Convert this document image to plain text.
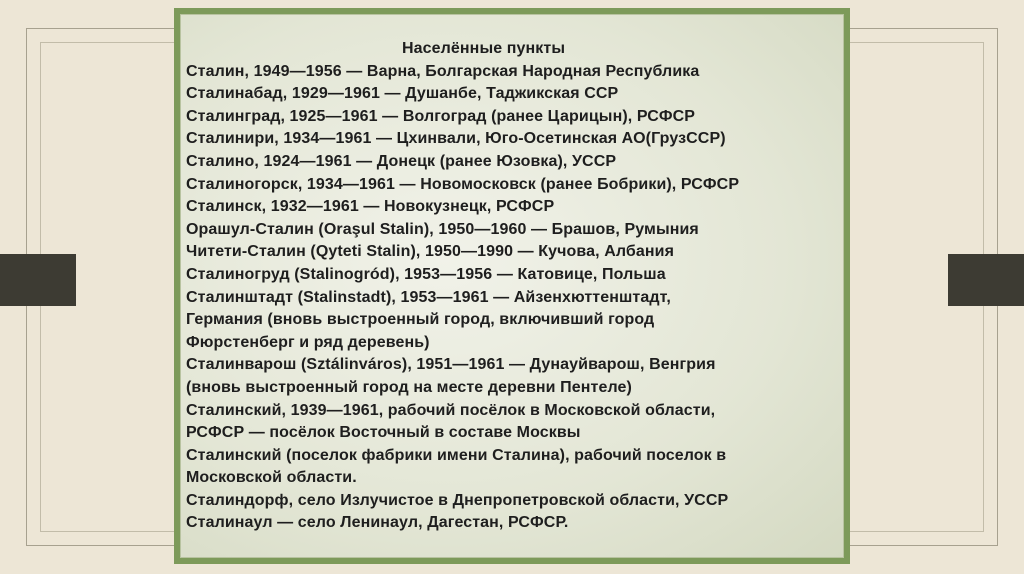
Населённые пункты
Сталин, 1949—1956 — Варна, Болгарская Народная Республика
Сталинабад, 1929—1961 — Душанбе, Таджикская ССР
Сталинград, 1925—1961 — Волгоград (ранее Царицын), РСФСР
Сталинири, 1934—1961 — Цхинвали, Юго-Осетинская АО(ГрузССР)
Сталино, 1924—1961 — Донецк (ранее Юзовка), УССР
Сталиногорск, 1934—1961 — Новомосковск (ранее Бобрики), РСФСР
Сталинск, 1932—1961 — Новокузнецк, РСФСР
Орашул-Сталин (Oraşul Stalin), 1950—1960 — Брашов, Румыния
Читети-Сталин (Qyteti Stalin), 1950—1990 — Кучова, Албания
Сталиногруд (Stalinogród), 1953—1956 — Катовице, Польша
Сталинштадт (Stalinstadt), 1953—1961 — Айзенхюттенштадт,
Германия (вновь выстроенный город, включивший город
Фюрстенберг и ряд деревень)
Сталинварош (Sztálinváros), 1951—1961 — Дунауйварош, Венгрия
(вновь выстроенный город на месте деревни Пентеле)
Сталинский, 1939—1961, рабочий посёлок в Московской области,
РСФСР — посёлок Восточный в составе Москвы
Сталинский (поселок фабрики имени Сталина), рабочий поселок в
Московской области.
Сталиндорф, село Излучистое в Днепропетровской области, УССР
Сталинаул — село Ленинаул, Дагестан, РСФСР.
